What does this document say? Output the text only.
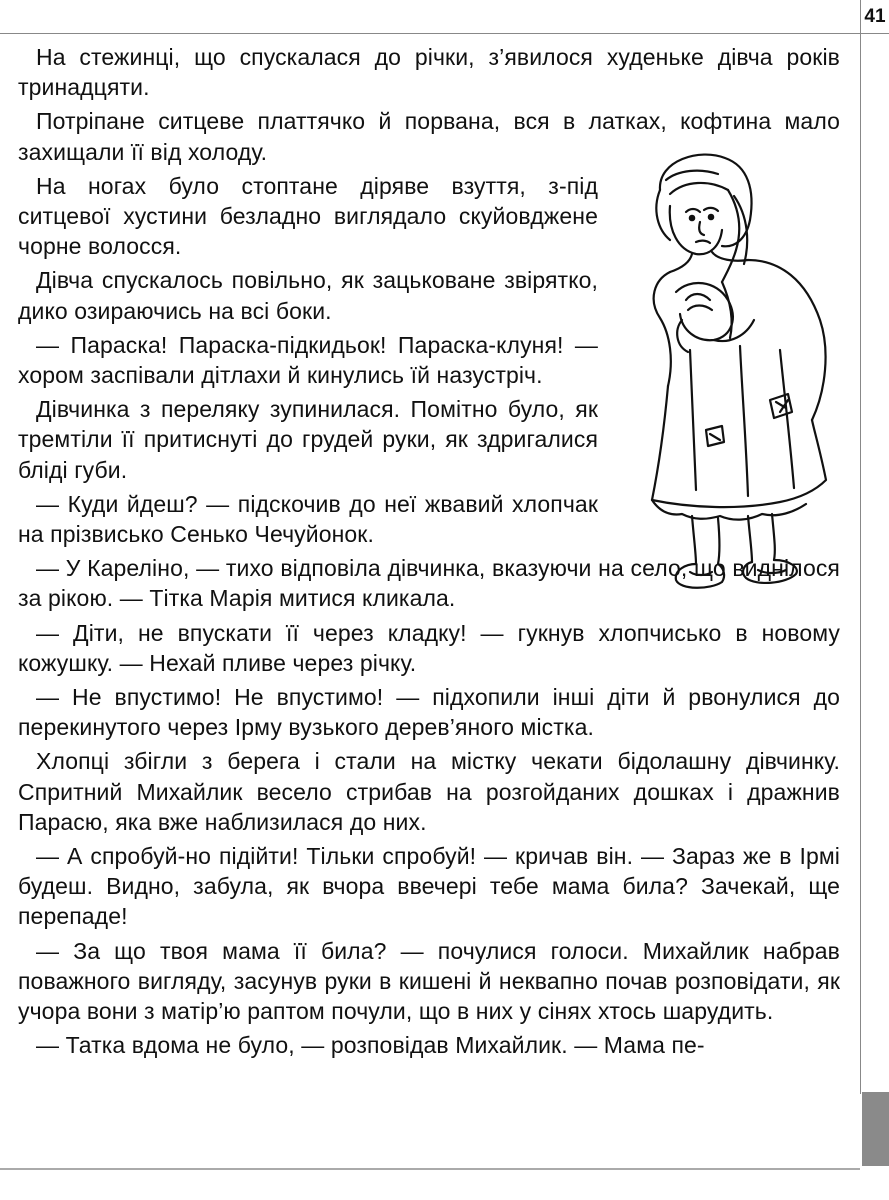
41

На стежинці, що спускалася до річки, з’явилося худеньке дівча років тринадцяти.

Потріпане ситцеве платтячко й порвана, вся в латках, кофтина мало захищали її від холоду.

На ногах було стоптане діряве взуття, з-під ситцевої хустини безладно виглядало скуйовджене чорне волосся.

Дівча спускалось повільно, як зацьковане звірятко, дико озираючись на всі боки.

— Параска! Параска-підкидьок! Параска-клуня! — хором заспівали дітлахи й кинулись їй назустріч.

Дівчинка з переляку зупинилася. Помітно було, як тремтіли її притиснуті до грудей руки, як здригалися бліді губи.

— Куди йдеш? — підскочив до неї жвавий хлопчак на прізвисько Сенько Чечуйонок.

— У Кареліно, — тихо відповіла дівчинка, вказуючи на село, що виднілося за рікою. — Тітка Марія митися кликала.

— Діти, не впускати її через кладку! — гукнув хлопчисько в новому кожушку. — Нехай пливе через річку.

— Не впустимо! Не впустимо! — підхопили інші діти й рвонулися до перекинутого через Ірму вузького дерев’яного містка.

Хлопці збігли з берега і стали на містку чекати бідолашну дівчинку. Спритний Михайлик весело стрибав на розгойданих дошках і дражнив Парасю, яка вже наблизилася до них.

— А спробуй-но підійти! Тільки спробуй! — кричав він. — Зараз же в Ірмі будеш. Видно, забула, як вчора ввечері тебе мама била? Зачекай, ще перепаде!

— За що твоя мама її била? — почулися голоси. Михайлик набрав поважного вигляду, засунув руки в кишені й неквапно почав розповідати, як учора вони з матір’ю раптом почули, що в них у сінях хтось шарудить.

— Татка вдома не було, — розповідав Михайлик. — Мама пе-
